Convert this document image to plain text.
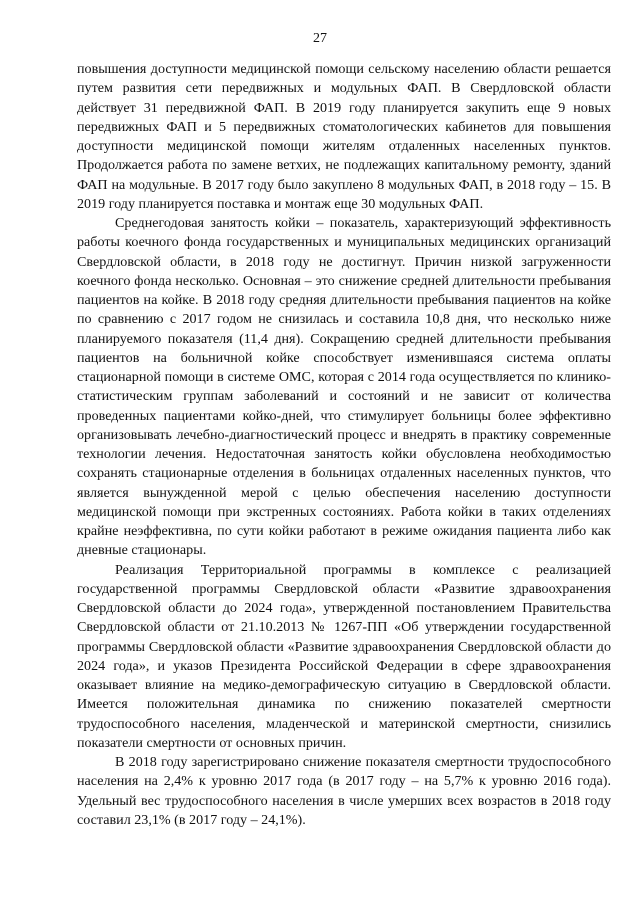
27

повышения доступности медицинской помощи сельскому населению области решается путем развития сети передвижных и модульных ФАП. В Свердловской области действует 31 передвижной ФАП. В 2019 году планируется закупить еще 9 новых передвижных ФАП и 5 передвижных стоматологических кабинетов для повышения доступности медицинской помощи жителям отдаленных населенных пунктов. Продолжается работа по замене ветхих, не подлежащих капитальному ремонту, зданий ФАП на модульные. В 2017 году было закуплено 8 модульных ФАП, в 2018 году – 15. В 2019 году планируется поставка и монтаж еще 30 модульных ФАП.

Среднегодовая занятость койки – показатель, характеризующий эффективность работы коечного фонда государственных и муниципальных медицинских организаций Свердловской области, в 2018 году не достигнут. Причин низкой загруженности коечного фонда несколько. Основная – это снижение средней длительности пребывания пациентов на койке. В 2018 году средняя длительности пребывания пациентов на койке по сравнению с 2017 годом не снизилась и составила 10,8 дня, что несколько ниже планируемого показателя (11,4 дня). Сокращению средней длительности пребывания пациентов на больничной койке способствует изменившаяся система оплаты стационарной помощи в системе ОМС, которая с 2014 года осуществляется по клинико-статистическим группам заболеваний и состояний и не зависит от количества проведенных пациентами койко-дней, что стимулирует больницы более эффективно организовывать лечебно-диагностический процесс и внедрять в практику современные технологии лечения. Недостаточная занятость койки обусловлена необходимостью сохранять стационарные отделения в больницах отдаленных населенных пунктов, что является вынужденной мерой с целью обеспечения населению доступности медицинской помощи при экстренных состояниях. Работа койки в таких отделениях крайне неэффективна, по сути койки работают в режиме ожидания пациента либо как дневные стационары.

Реализация Территориальной программы в комплексе с реализацией государственной программы Свердловской области «Развитие здравоохранения Свердловской области до 2024 года», утвержденной постановлением Правительства Свердловской области от 21.10.2013 № 1267-ПП «Об утверждении государственной программы Свердловской области «Развитие здравоохранения Свердловской области до 2024 года», и указов Президента Российской Федерации в сфере здравоохранения оказывает влияние на медико-демографическую ситуацию в Свердловской области. Имеется положительная динамика по снижению показателей смертности трудоспособного населения, младенческой и материнской смертности, снизились показатели смертности от основных причин.

В 2018 году зарегистрировано снижение показателя смертности трудоспособного населения на 2,4% к уровню 2017 года (в 2017 году – на 5,7% к уровню 2016 года). Удельный вес трудоспособного населения в числе умерших всех возрастов в 2018 году составил 23,1% (в 2017 году – 24,1%).
